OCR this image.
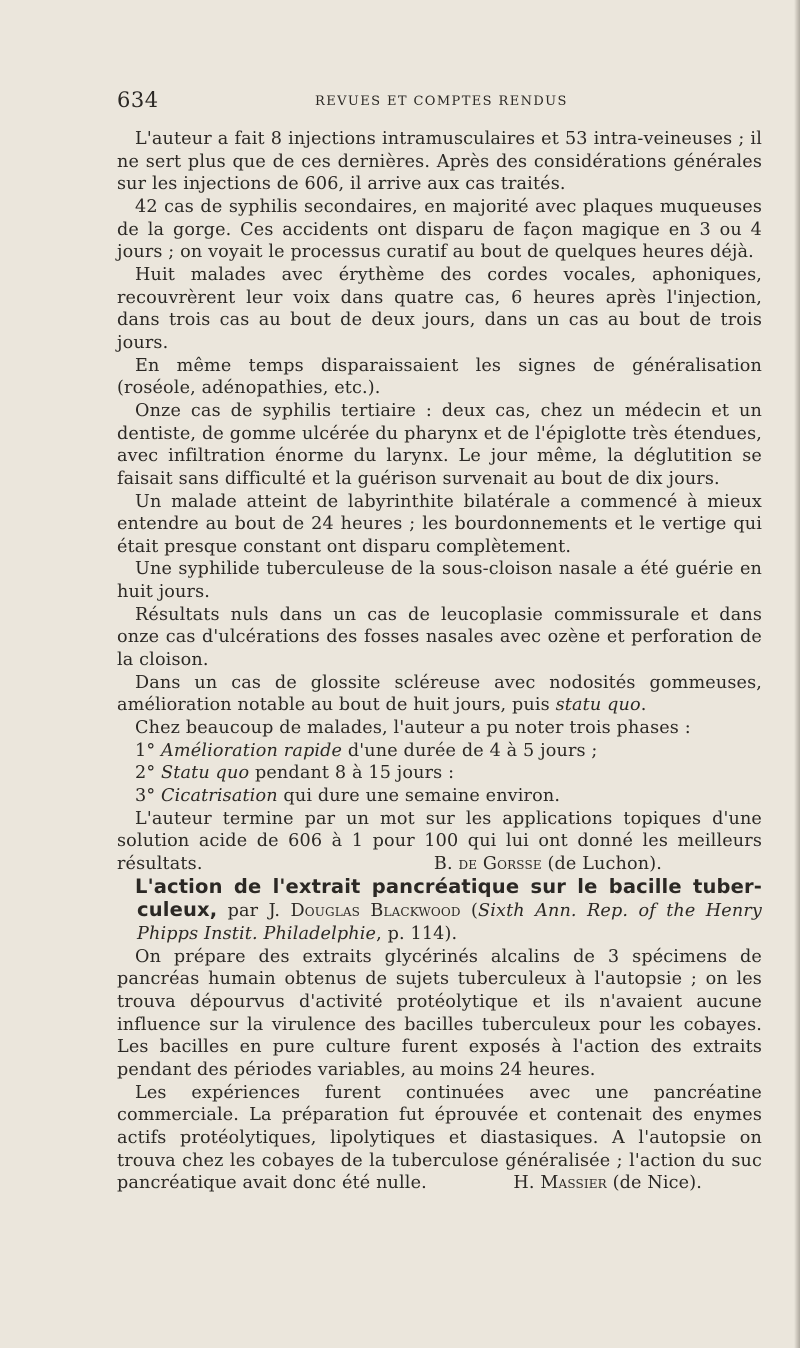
634	REVUES ET COMPTES RENDUS

L'auteur a fait 8 injections intramusculaires et 53 intra-veineuses ; il ne sert plus que de ces dernières. Après des considérations générales sur les injections de 606, il arrive aux cas traités.

42 cas de syphilis secondaires, en majorité avec plaques muqueuses de la gorge. Ces accidents ont disparu de façon magique en 3 ou 4 jours ; on voyait le processus curatif au bout de quelques heures déjà.

Huit malades avec érythème des cordes vocales, aphoniques, recouvrèrent leur voix dans quatre cas, 6 heures après l'injection, dans trois cas au bout de deux jours, dans un cas au bout de trois jours.

En même temps disparaissaient les signes de généralisation (roséole, adénopathies, etc.).

Onze cas de syphilis tertiaire : deux cas, chez un médecin et un dentiste, de gomme ulcérée du pharynx et de l'épiglotte très étendues, avec infiltration énorme du larynx. Le jour même, la déglutition se faisait sans difficulté et la guérison survenait au bout de dix jours.

Un malade atteint de labyrinthite bilatérale a commencé à mieux entendre au bout de 24 heures ; les bourdonnements et le vertige qui était presque constant ont disparu complètement.

Une syphilide tuberculeuse de la sous-cloison nasale a été guérie en huit jours.

Résultats nuls dans un cas de leucoplasie commissurale et dans onze cas d'ulcérations des fosses nasales avec ozène et perforation de la cloison.

Dans un cas de glossite scléreuse avec nodosités gommeuses, amélioration notable au bout de huit jours, puis statu quo.

Chez beaucoup de malades, l'auteur a pu noter trois phases :

1° Amélioration rapide d'une durée de 4 à 5 jours ;

2° Statu quo pendant 8 à 15 jours :

3° Cicatrisation qui dure une semaine environ.

L'auteur termine par un mot sur les applications topiques d'une solution acide de 606 à 1 pour 100 qui lui ont donné les meilleurs résultats.	B. de Gorsse (de Luchon).

L'action de l'extrait pancréatique sur le bacille tuber- culeux, par J. Douglas Blackwood (Sixth Ann. Rep. of the Henry Phipps Instit. Philadelphie, p. 114).

On prépare des extraits glycérinés alcalins de 3 spécimens de pancréas humain obtenus de sujets tuberculeux à l'autopsie ; on les trouva dépourvus d'activité protéolytique et ils n'avaient aucune influence sur la virulence des bacilles tuberculeux pour les cobayes. Les bacilles en pure culture furent exposés à l'action des extraits pendant des périodes variables, au moins 24 heures.

Les expériences furent continuées avec une pancréatine commerciale. La préparation fut éprouvée et contenait des enymes actifs protéolytiques, lipolytiques et diastasiques. A l'autopsie on trouva chez les cobayes de la tuberculose généralisée ; l'action du suc pancréatique avait donc été nulle.	H. Massier (de Nice).
